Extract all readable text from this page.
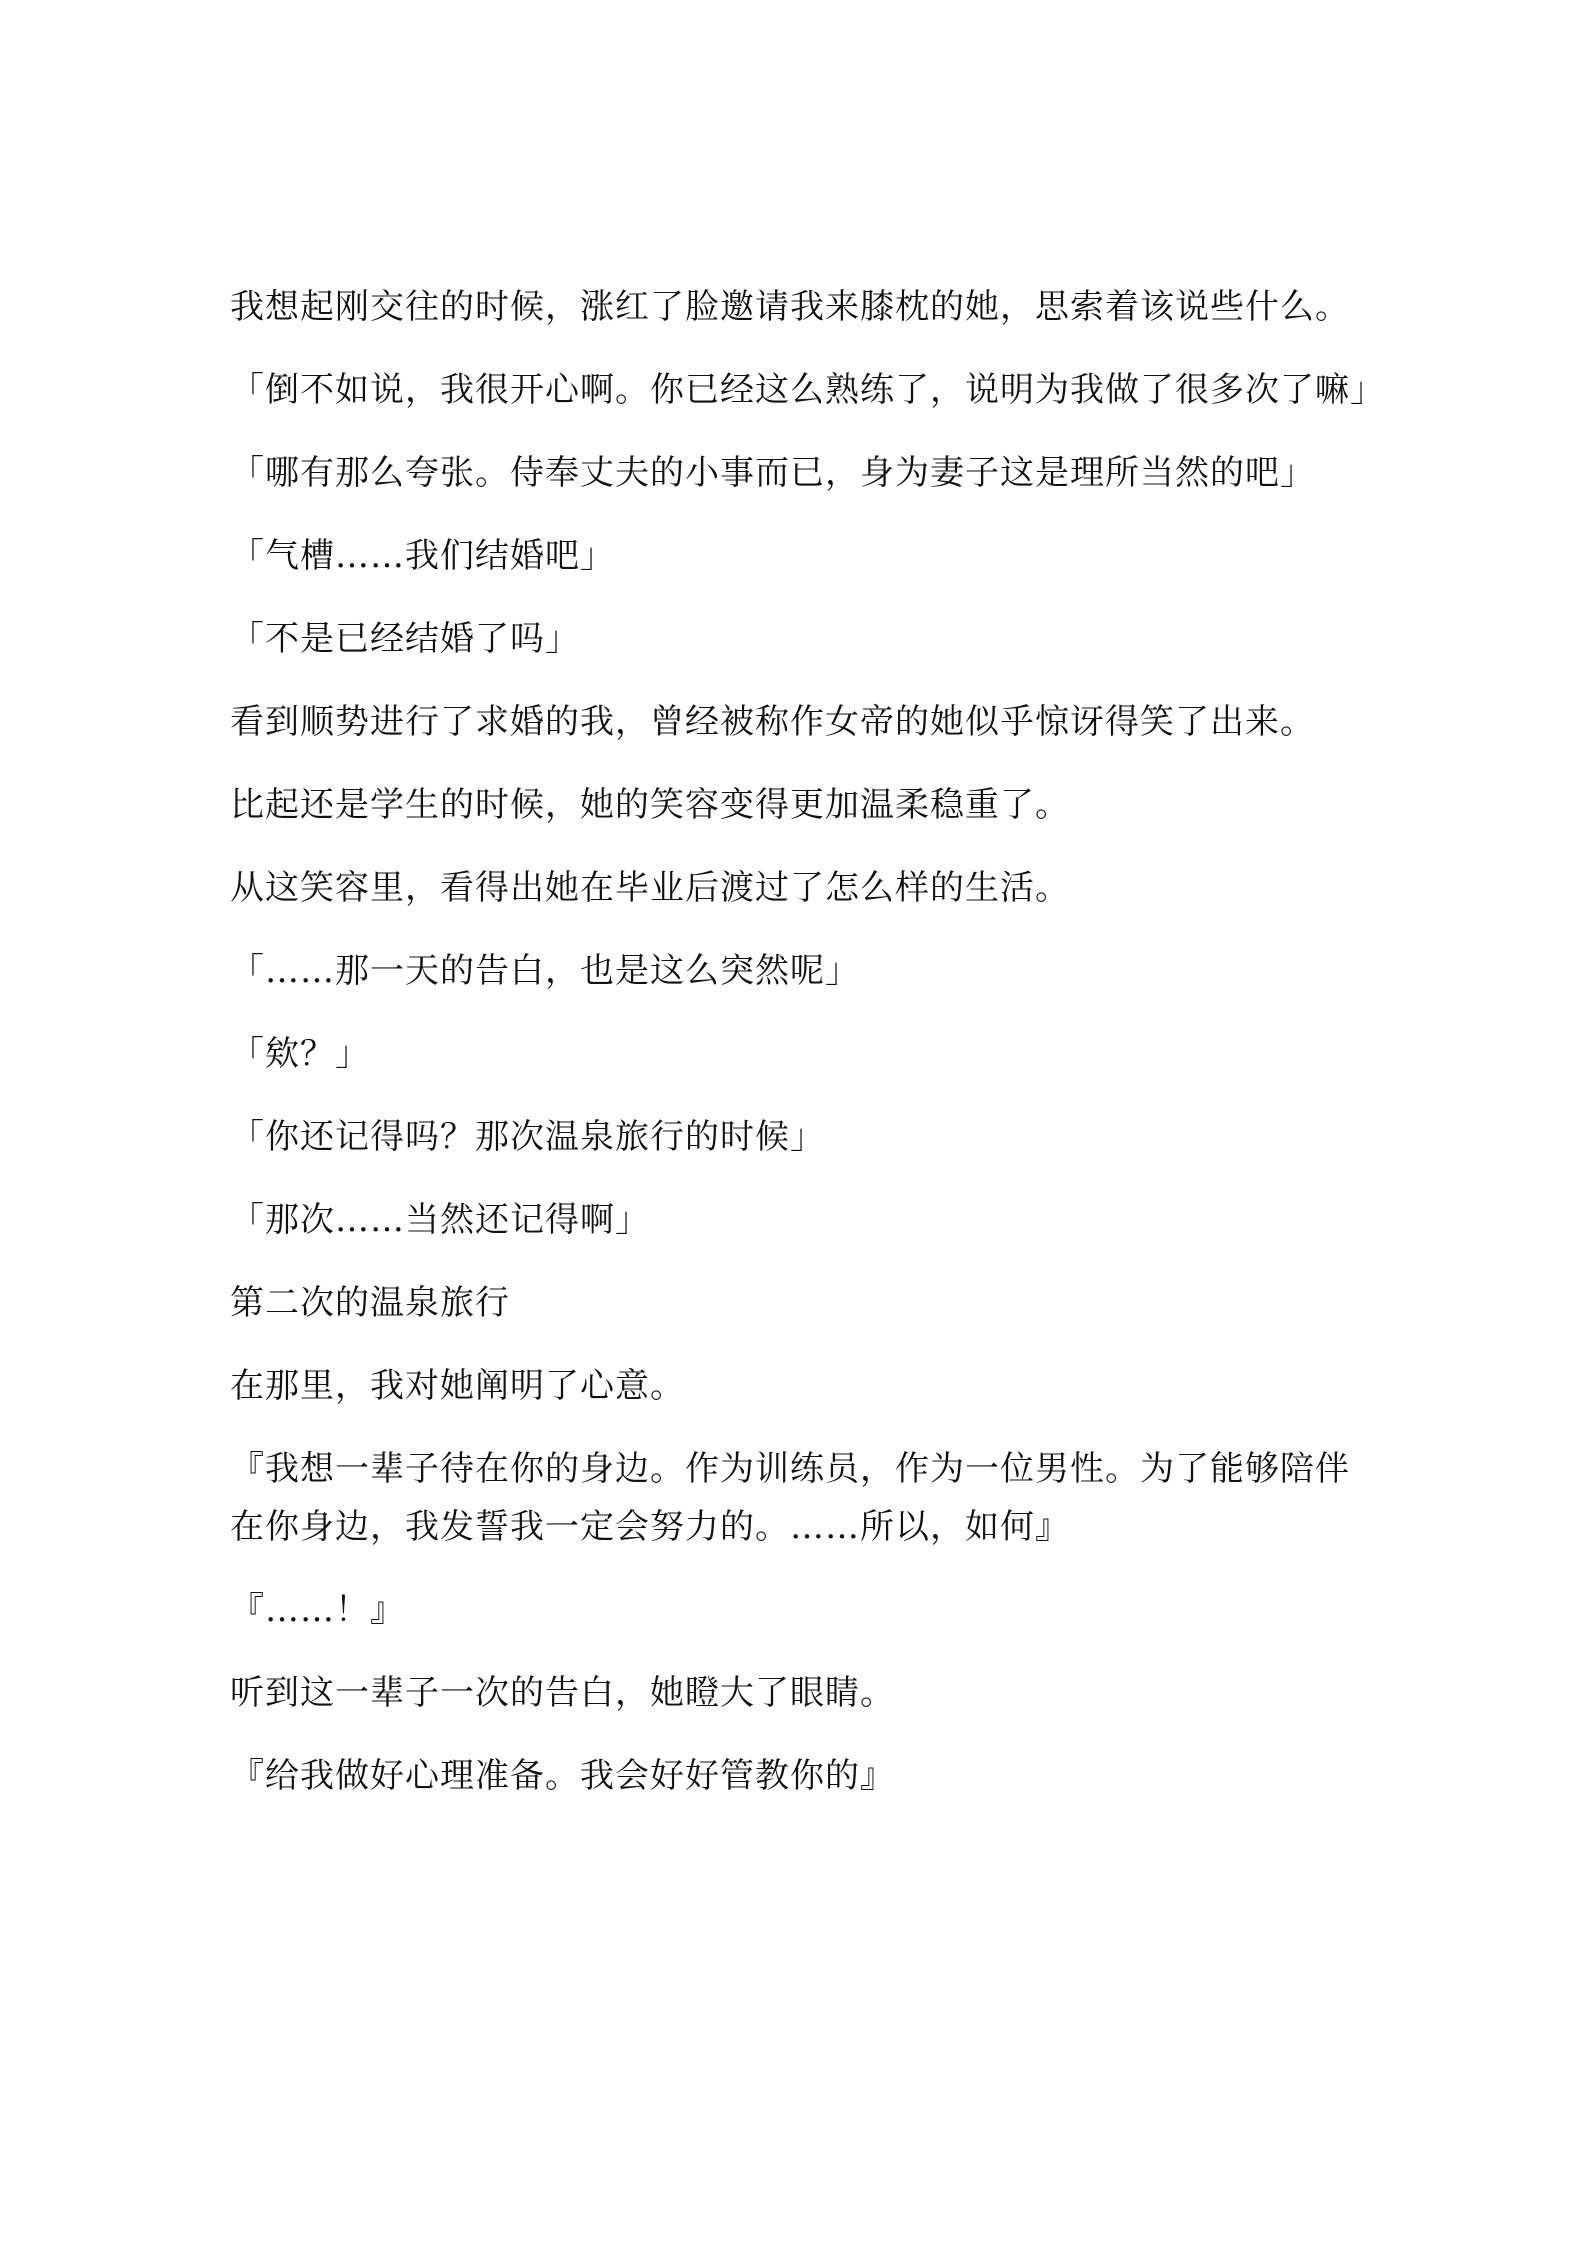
我想起刚交往的时候，涨红了脸邀请我来膝枕的她，思索着该说些什么。

「倒不如说，我很开心啊。你已经这么熟练了，说明为我做了很多次了嘛」

「哪有那么夸张。侍奉丈夫的小事而已，身为妻子这是理所当然的吧」

「气槽……我们结婚吧」

「不是已经结婚了吗」

看到顺势进行了求婚的我，曾经被称作女帝的她似乎惊讶得笑了出来。

比起还是学生的时候，她的笑容变得更加温柔稳重了。

从这笑容里，看得出她在毕业后渡过了怎么样的生活。

「……那一天的告白，也是这么突然呢」

「欸？」

「你还记得吗？那次温泉旅行的时候」

「那次……当然还记得啊」

第二次的温泉旅行

在那里，我对她阐明了心意。

『我想一辈子待在你的身边。作为训练员，作为一位男性。为了能够陪伴在你身边，我发誓我一定会努力的。……所以，如何』

『……！』

听到这一辈子一次的告白，她瞪大了眼睛。

『给我做好心理准备。我会好好管教你的』
